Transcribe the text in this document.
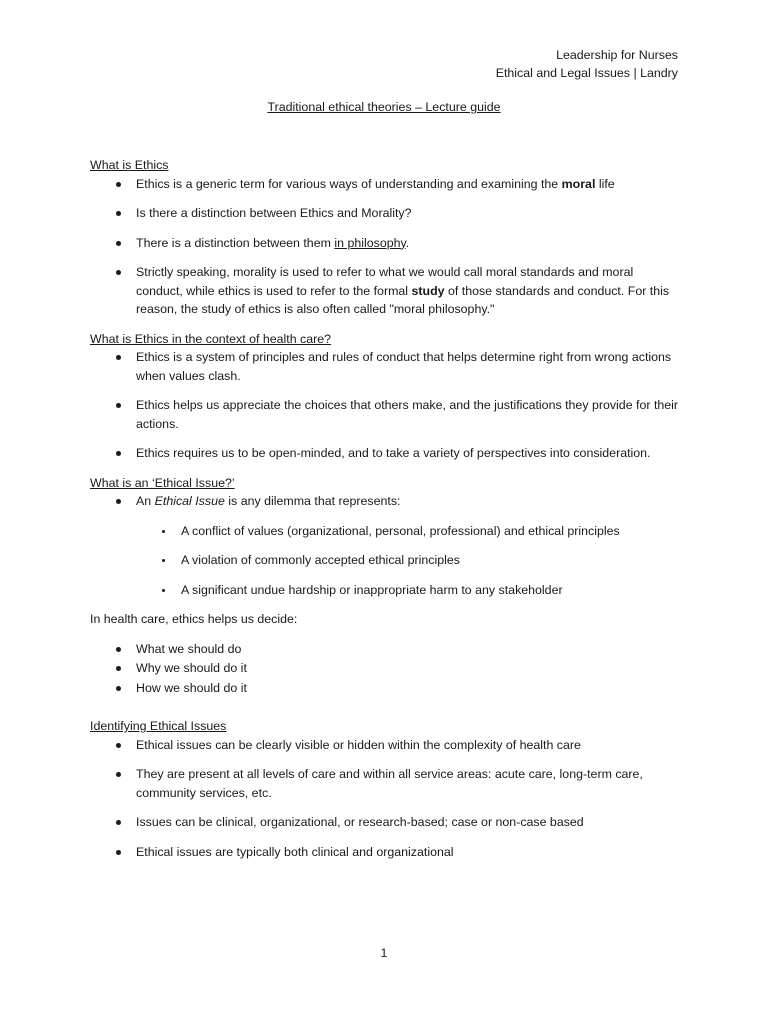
Leadership for Nurses
Ethical and Legal Issues | Landry
Traditional ethical theories – Lecture guide

What is Ethics

Ethics is a generic term for various ways of understanding and examining the moral life
Is there a distinction between Ethics and Morality?
There is a distinction between them in philosophy.
Strictly speaking, morality is used to refer to what we would call moral standards and moral conduct, while ethics is used to refer to the formal study of those standards and conduct. For this reason, the study of ethics is also often called "moral philosophy."

What is Ethics in the context of health care?

Ethics is a system of principles and rules of conduct that helps determine right from wrong actions when values clash.
Ethics helps us appreciate the choices that others make, and the justifications they provide for their actions.
Ethics requires us to be open-minded, and to take a variety of perspectives into consideration.

What is an ‘Ethical Issue?’

An Ethical Issue is any dilemma that represents:
A conflict of values (organizational, personal, professional) and ethical principles
A violation of commonly accepted ethical principles
A significant undue hardship or inappropriate harm to any stakeholder

In health care, ethics helps us decide:

What we should do
Why we should do it
How we should do it

Identifying Ethical Issues

Ethical issues can be clearly visible or hidden within the complexity of health care
They are present at all levels of care and within all service areas: acute care, long-term care, community services, etc.
Issues can be clinical, organizational, or research-based; case or non-case based
Ethical issues are typically both clinical and organizational
1
